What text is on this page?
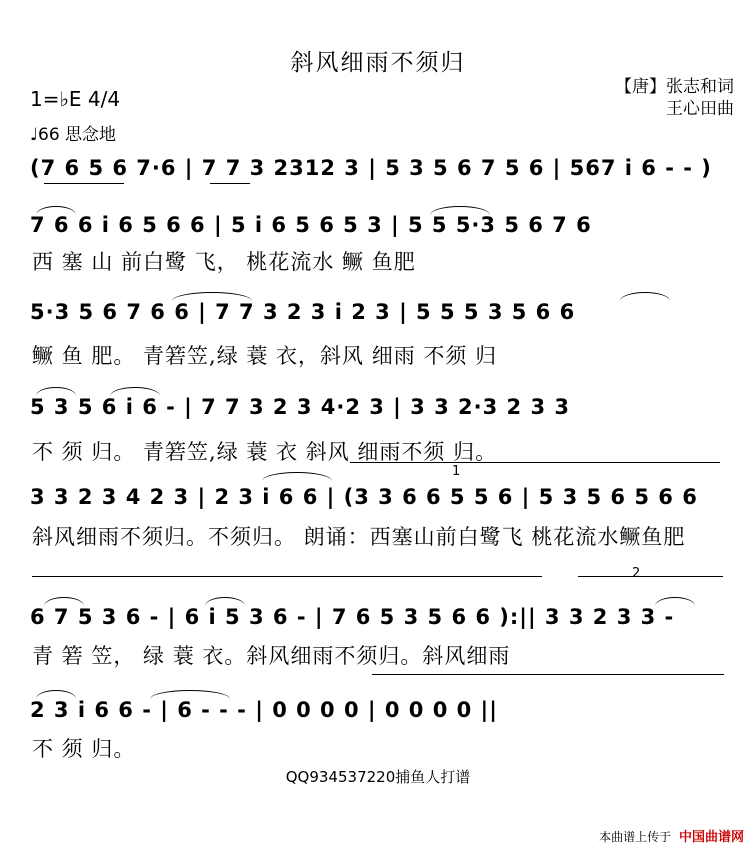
斜风细雨不须归
1=♭E 4/4	【唐】张志和词
王心田曲
♩66 思念地
(7 6 5 6 7·6 | 7 7 3 2312 3 | 5 3 5 6 7 5 6 | 567 i 6 - - )
7 6 6 i 6 5 6 6 | 5 i 6 5 6 5 3 | 5 5 5·3 5 6 7 6
西 塞 山 前白鹭 飞， 桃花流水 鳜 鱼肥
5·3 5 6 7 6 6 | 7 7 3 2 3 i 2 3 | 5 5 5 3 5 6 6
鳜 鱼 肥。 青箬笠,绿 蓑 衣，斜风 细雨 不须 归
5 3 5 6 i 6 - | 7 7 3 2 3 4·2 3 | 3 3 2·3 2 3 3
不 须 归。 青箬笠,绿 蓑 衣 斜风 细雨不须 归。
3 3 2 3 4 2 3 | 2 3 i 6 6 | (3 3 6 6 5 5 6 | 5 3 5 6 5 6 6
斜风细雨不须归。不须归。 朗诵：西塞山前白鹭飞 桃花流水鳜鱼肥
1
2
6 7 5 3 6 - | 6 i 5 3 6 - | 7 6 5 3 5 6 6 ):|| 3 3 2 3 3 -
青 箬 笠， 绿 蓑 衣。斜风细雨不须归。斜风细雨
2 3 i 6 6 - | 6 - - - | 0 0 0 0 | 0 0 0 0 ||
不 须 归。
QQ934537220捕鱼人打谱
本曲谱上传于 中国曲谱网
